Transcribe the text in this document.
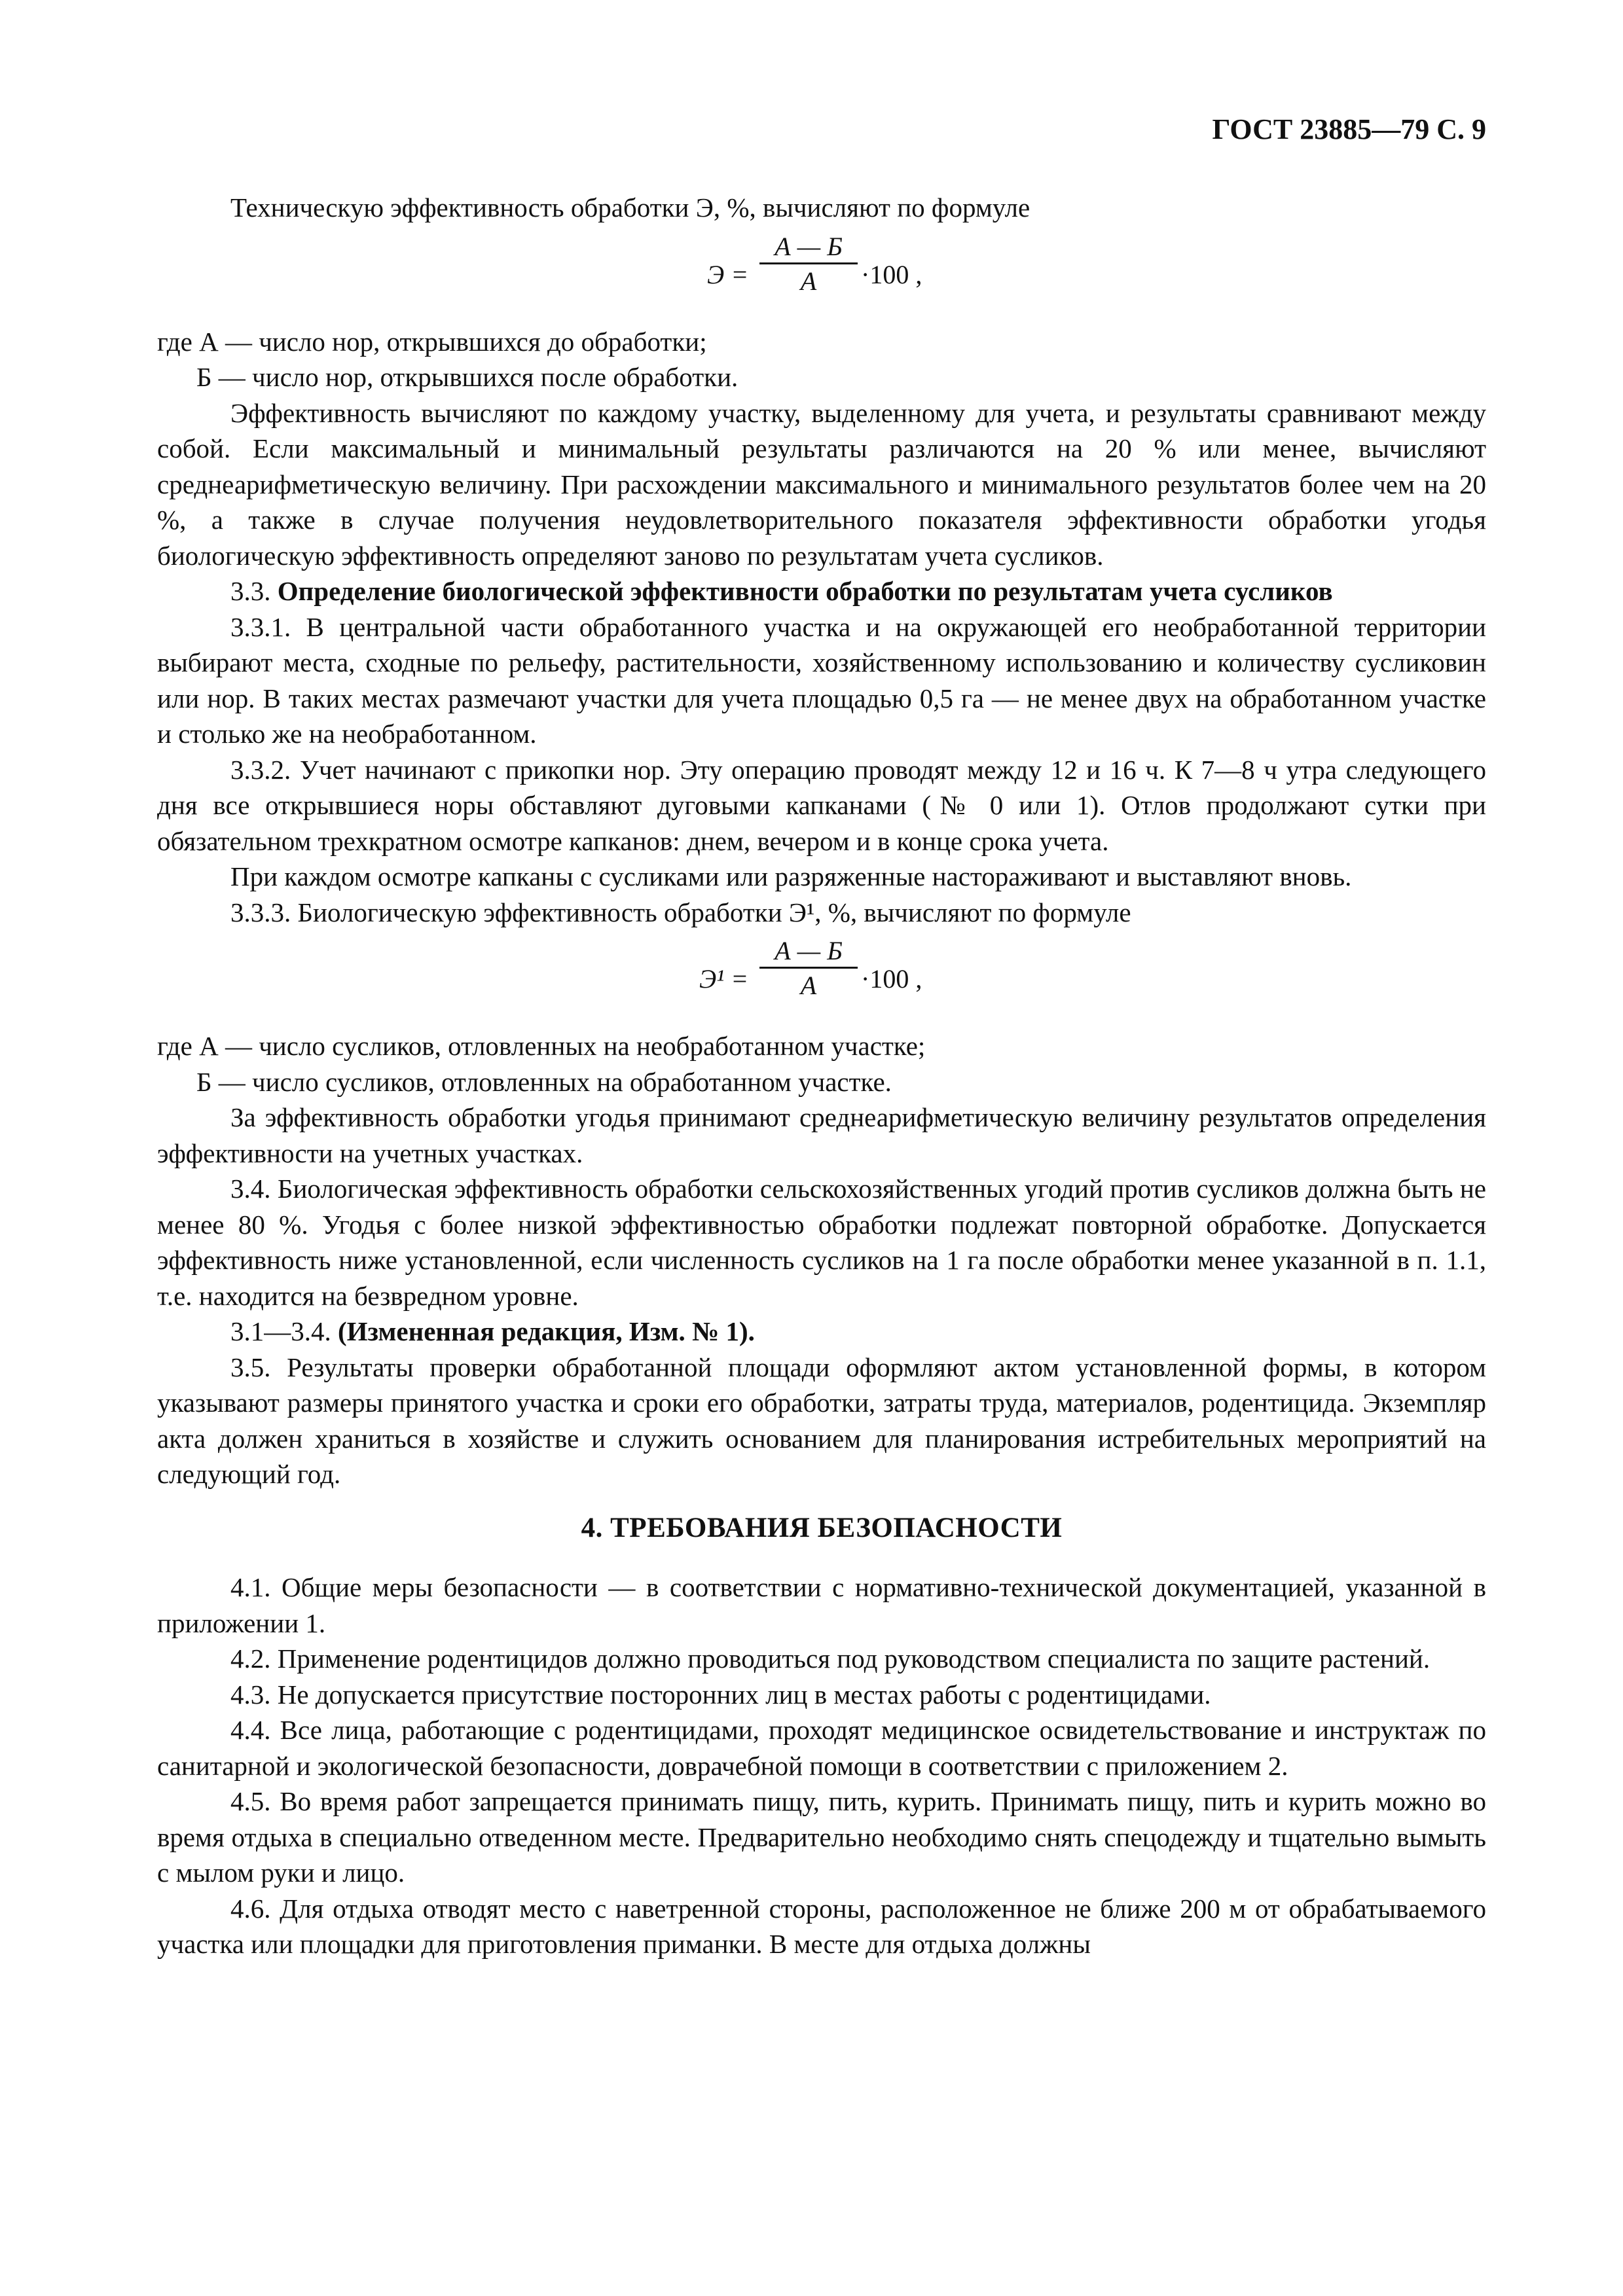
ГОСТ 23885—79 С. 9

Техническую эффективность обработки Э, %, вычисляют по формуле

Э =
А — Б
А	·100 ,

где А — число нор, открывшихся до обработки;

Б — число нор, открывшихся после обработки.

Эффективность вычисляют по каждому участку, выделенному для учета, и результаты сравнивают между собой. Если максимальный и минимальный результаты различаются на 20 % или менее, вычисляют среднеарифметическую величину. При расхождении максимального и минимального результатов более чем на 20 %, а также в случае получения неудовлетворительного показателя эффективности обработки угодья биологическую эффективность определяют заново по результатам учета сусликов.

3.3. Определение биологической эффективности обработки по результатам учета сусликов

3.3.1. В центральной части обработанного участка и на окружающей его необработанной территории выбирают места, сходные по рельефу, растительности, хозяйственному использованию и количеству сусликовин или нор. В таких местах размечают участки для учета площадью 0,5 га — не менее двух на обработанном участке и столько же на необработанном.

3.3.2. Учет начинают с прикопки нор. Эту операцию проводят между 12 и 16 ч. К 7—8 ч утра следующего дня все открывшиеся норы обставляют дуговыми капканами (№ 0 или 1). Отлов продолжают сутки при обязательном трехкратном осмотре капканов: днем, вечером и в конце срока учета.

При каждом осмотре капканы с сусликами или разряженные настораживают и выставляют вновь.

3.3.3. Биологическую эффективность обработки Э¹, %, вычисляют по формуле

Э¹ =
А — Б
А	·100 ,

где А — число сусликов, отловленных на необработанном участке;

Б — число сусликов, отловленных на обработанном участке.

За эффективность обработки угодья принимают среднеарифметическую величину результатов определения эффективности на учетных участках.

3.4. Биологическая эффективность обработки сельскохозяйственных угодий против сусликов должна быть не менее 80 %. Угодья с более низкой эффективностью обработки подлежат повторной обработке. Допускается эффективность ниже установленной, если численность сусликов на 1 га после обработки менее указанной в п. 1.1, т.е. находится на безвредном уровне.

3.1—3.4. (Измененная редакция, Изм. № 1).

3.5. Результаты проверки обработанной площади оформляют актом установленной формы, в котором указывают размеры принятого участка и сроки его обработки, затраты труда, материалов, родентицида. Экземпляр акта должен храниться в хозяйстве и служить основанием для планирования истребительных мероприятий на следующий год.

4. ТРЕБОВАНИЯ БЕЗОПАСНОСТИ

4.1. Общие меры безопасности — в соответствии с нормативно-технической документацией, указанной в приложении 1.

4.2. Применение родентицидов должно проводиться под руководством специалиста по защите растений.

4.3. Не допускается присутствие посторонних лиц в местах работы с родентицидами.

4.4. Все лица, работающие с родентицидами, проходят медицинское освидетельствование и инструктаж по санитарной и экологической безопасности, доврачебной помощи в соответствии с приложением 2.

4.5. Во время работ запрещается принимать пищу, пить, курить. Принимать пищу, пить и курить можно во время отдыха в специально отведенном месте. Предварительно необходимо снять спецодежду и тщательно вымыть с мылом руки и лицо.

4.6. Для отдыха отводят место с наветренной стороны, расположенное не ближе 200 м от обрабатываемого участка или площадки для приготовления приманки. В месте для отдыха должны
